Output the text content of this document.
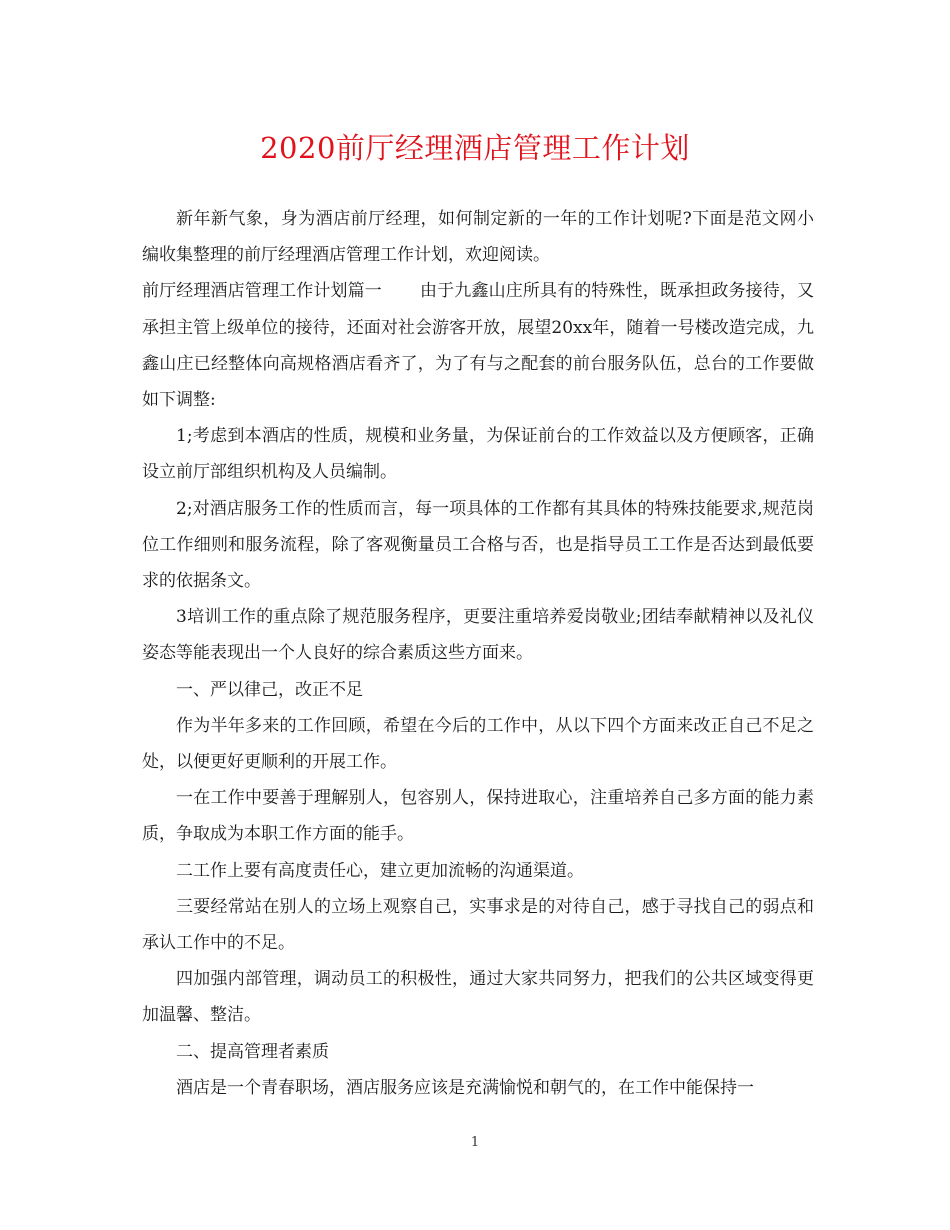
2020前厅经理酒店管理工作计划

新年新气象，身为酒店前厅经理，如何制定新的一年的工作计划呢?下面是范文网小编收集整理的前厅经理酒店管理工作计划，欢迎阅读。

前厅经理酒店管理工作计划篇一 由于九鑫山庄所具有的特殊性，既承担政务接待，又承担主管上级单位的接待，还面对社会游客开放，展望20xx年，随着一号楼改造完成，九鑫山庄已经整体向高规格酒店看齐了，为了有与之配套的前台服务队伍，总台的工作要做如下调整:

1;考虑到本酒店的性质，规模和业务量，为保证前台的工作效益以及方便顾客，正确设立前厅部组织机构及人员编制。

2;对酒店服务工作的性质而言，每一项具体的工作都有其具体的特殊技能要求,规范岗位工作细则和服务流程，除了客观衡量员工合格与否，也是指导员工工作是否达到最低要求的依据条文。

3培训工作的重点除了规范服务程序，更要注重培养爱岗敬业;团结奉献精神以及礼仪姿态等能表现出一个人良好的综合素质这些方面来。

一、严以律己，改正不足

作为半年多来的工作回顾，希望在今后的工作中，从以下四个方面来改正自己不足之处，以便更好更顺利的开展工作。

一在工作中要善于理解别人，包容别人，保持进取心，注重培养自己多方面的能力素质，争取成为本职工作方面的能手。

二工作上要有高度责任心，建立更加流畅的沟通渠道。

三要经常站在别人的立场上观察自己，实事求是的对待自己，感于寻找自己的弱点和承认工作中的不足。

四加强内部管理，调动员工的积极性，通过大家共同努力，把我们的公共区域变得更加温馨、整洁。

二、提高管理者素质

酒店是一个青春职场，酒店服务应该是充满愉悦和朝气的，在工作中能保持一

1
